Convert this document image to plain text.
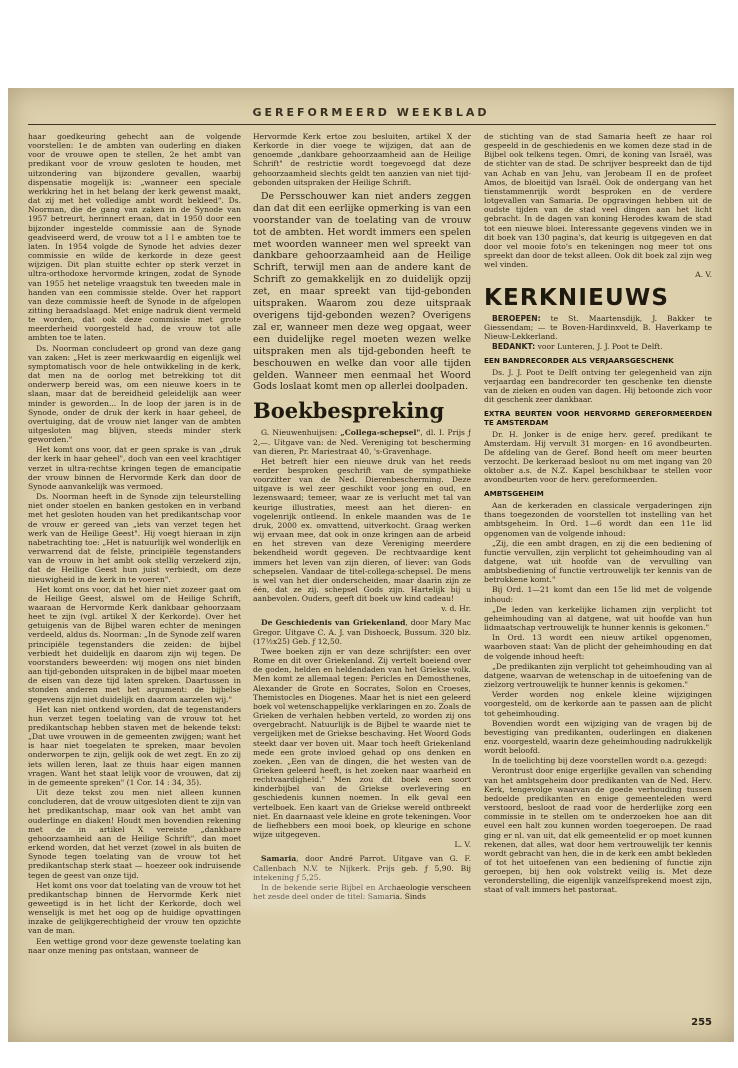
GEREFORMEERD WEEKBLAD

haar goedkeuring gehecht aan de volgende voorstellen: 1e de ambten van ouderling en diaken voor de vrouwe open te stellen, 2e het ambt van predikant voor de vrouw gesloten te houden, met uitzondering van bijzondere gevallen, waarbij dispensatie mogelijk is: „wanneer een speciale werkkring het in het belang der kerk gewenst maakt, dat zij met het volledige ambt wordt bekleed". Ds. Noorman, die de gang van zaken in de Synode van 1957 betreurt, herinnert eraan, dat in 1950 door een bijzonder ingestelde commissie aan de Synode geadviseerd werd, de vrouw tot a l l e ambten toe te laten. In 1954 volgde de Synode het advies dezer commissie en wilde de kerkorde in deze geest wijzigen. Dit plan stuitte echter op sterk verzet in ultra-orthodoxe hervormde kringen, zodat de Synode van 1955 het netelige vraagstuk ten tweeden male in handen van een commissie stelde. Over het rapport van deze commissie heeft de Synode in de afgelopen zitting beraadslaagd. Met enige nadruk dient vermeld te worden, dat ook deze commissie met grote meerderheid voorgesteld had, de vrouw tot alle ambten toe te laten.

Ds. Noorman concludeert op grond van deze gang van zaken: „Het is zeer merkwaardig en eigenlijk wel symptomatisch voor de hele ontwikkeling in de kerk, dat men na de oorlog met betrekking tot dit onderwerp bereid was, om een nieuwe koers in te slaan, maar dat de bereidheid geleidelijk aan weer minder is geworden... In de loop der jaren is in de Synode, onder de druk der kerk in haar geheel, de overtuiging, dat de vrouw niet langer van de ambten uitgesloten mag blijven, steeds minder sterk geworden."

Het komt ons voor, dat er geen sprake is van „druk der kerk in haar geheel", doch van een veel krachtiger verzet in ultra-rechtse kringen tegen de emancipatie der vrouw binnen de Hervormde Kerk dan door de Synode aanvankelijk was vermoed.

Ds. Noorman heeft in de Synode zijn teleurstelling niet onder stoelen en banken gestoken en in verband met het gesloten houden van het predikantschap voor de vrouw er gereed van „iets van verzet tegen het werk van de Heilige Geest". Hij voegt hieraan in zijn nabetrachting toe: „Het is natuurlijk wel wonderlijk en verwarrend dat de felste, principiële tegenstanders van de vrouw in het ambt ook stellig verzekerd zijn, dat de Heilige Geest hun juist verbiedt, om deze nieuwigheid in de kerk in te voeren".

Het komt ons voor, dat het hier niet zozeer gaat om de Heilige Geest, alswel om de Heilige Schrift, waaraan de Hervormde Kerk dankbaar gehoorzaam heet te zijn (vgl. artikel X der Kerkorde). Over het getuigenis van de Bijbel waren echter de meningen verdeeld, aldus ds. Noorman: „In de Synode zelf waren principiële tegenstanders die zeiden: de bijbel verbiedt het duidelijk en daarom zijn wij tegen. De voorstanders beweerden: wij mogen ons niet binden aan tijd-gebonden uitspraken in de bijbel maar moeten de eisen van deze tijd laten spreken. Daartussen in stonden anderen met het argument: de bijbelse gegevens zijn niet duidelijk en daarom aarzelen wij."

Het kan niet ontkend worden, dat de tegenstanders hun verzet tegen toelating van de vrouw tot het predikantschap hebben staven met de bekende tekst: „Dat uwe vrouwen in de gemeenten zwijgen; want het is haar niet toegelaten te spreken, maar bevolen onderworpen te zijn, gelijk ook de wet zegt. En zo zij iets willen leren, laat ze thuis haar eigen mannen vragen. Want het staat lelijk voor de vrouwen, dat zij in de gemeente spreken" (1 Cor. 14 : 34, 35).

Uit deze tekst zou men niet alleen kunnen concluderen, dat de vrouw uitgesloten dient te zijn van het predikantschap, maar ook van het ambt van ouderlinge en diaken! Houdt men bovendien rekening met de in artikel X vereiste „dankbare gehoorzaamheid aan de Heilige Schrift", dan moet erkend worden, dat het verzet (zowel in als buiten de Synode tegen toelating van de vrouw tot het predikantschap sterk staat — hoezeer ook indruisende tegen de geest van onze tijd.

Het komt ons voor dat toelating van de vrouw tot het predikantschap binnen de Hervormde Kerk niet geweetigd is in het licht der Kerkorde, doch wel wenselijk is met het oog op de huidige opvattingen inzake de gelijkgerechtigheid der vrouw ten opzichte van de man.

Een wettige grond voor deze gewenste toelating kan naar onze mening pas ontstaan, wanneer de

Hervormde Kerk ertoe zou besluiten, artikel X der Kerkorde in dier voege te wijzigen, dat aan de genoemde „dankbare gehoorzaamheid aan de Heilige Schrift" de restrictie wordt toegevoegd dat deze gehoorzaamheid slechts geldt ten aanzien van niet tijd-gebonden uitspraken der Heilige Schrift.

De Persschouwer kan niet anders zeggen dan dat dit een eerlijke opmerking is van een voorstander van de toelating van de vrouw tot de ambten. Het wordt immers een spelen met woorden wanneer men wel spreekt van dankbare gehoorzaamheid aan de Heilige Schrift, terwijl men aan de andere kant de Schrift zo gemakkelijk en zo duidelijk opzij zet, en maar spreekt van tijd-gebonden uitspraken. Waarom zou deze uitspraak overigens tijd-gebonden wezen? Overigens zal er, wanneer men deze weg opgaat, weer een duidelijke regel moeten wezen welke uitspraken men als tijd-gebonden heeft te beschouwen en welke dan voor alle tijden gelden. Wanneer men eenmaal het Woord Gods loslaat komt men op allerlei doolpaden.

Boekbespreking

G. Nieuwenhuijsen: „Collega-schepsel", dl. I. Prijs ƒ 2,—. Uitgave van: de Ned. Vereniging tot bescherming van dieren, Pr. Mariestraat 40, 's-Gravenhage.

Het betreft hier een nieuwe druk van het reeds eerder besproken geschrift van de sympathieke voorzitter van de Ned. Dierenbescherming. Deze uitgave is wel zeer geschikt voor jong en oud, en lezenswaard; temeer, waar ze is verlucht met tal van keurige illustraties, meest aan het dieren- en vogelenrijk ontleend. In enkele maanden was de 1e druk, 2000 ex. omvattend, uitverkocht. Graag werken wij ervaan mee, dat ook in onze kringen aan de arbeid en het streven van deze Vereniging meerdere bekendheid wordt gegeven. De rechtvaardige kent immers het leven van zijn dieren, of liever: van Gods schepselen. Vandaar de titel-collega-schepsel. De mens is wel van het dier onderscheiden, maar daarin zijn ze één, dat ze zij. schepsel Gods zijn. Hartelijk bij u aanbevolen. Ouders, geeft dit boek uw kind cadeau!

v. d. Hr.

De Geschiedenis van Griekenland, door Mary Mac Gregor. Uitgave C. A. J. van Dishoeck, Bussum. 320 blz. (17½x25) Geb. ƒ 12,50.

Twee boeken zijn er van deze schrijfster: een over Rome en dit over Griekenland. Zij vertelt boeiend over de goden, helden en heldendaden van het Griekse volk. Men komt ze allemaal tegen: Pericles en Demosthenes, Alexander de Grote en Socrates, Solon en Croeses, Themistocles en Diogenes. Maar het is niet een geleerd boek vol wetenschappelijke verklaringen en zo. Zoals de Grieken de verhalen hebben verteld, zo worden zij ons overgebracht. Natuurlijk is de Bijbel te waarde niet te vergelijken met de Griekse beschaving. Het Woord Gods steekt daar ver boven uit. Maar toch heeft Griekenland mede een grote invloed gehad op ons denken en zoeken. „Een van de dingen, die het westen van de Grieken geleerd heeft, is het zoeken naar waarheid en rechtvaardigheid." Men zou dit boek een soort kinderbijbel van de Griekse overlevering en geschiedenis kunnen noemen. In elk geval een vertelboek. Een kaart van de Griekse wereld ontbreekt niet. En daarnaast vele kleine en grote tekeningen. Voor de liefhebbers een mooi boek, op kleurige en schone wijze uitgegeven.

L. V.

Samaria, door André Parrot. Uitgave van G. F. Callenbach N.V. te Nijkerk. Prijs geb. ƒ 5,90. Bij intekening ƒ 5,25.

In de bekende serie Bijbel en Archaeologie verscheen het zesde deel onder de titel: Samaria. Sinds

de stichting van de stad Samaria heeft ze haar rol gespeeld in de geschiedenis en we komen deze stad in de Bijbel ook telkens tegen. Omri, de koning van Israël, was de stichter van de stad. De schrijver bespreekt dan de tijd van Achab en van Jehu, van Jerobeam II en de profeet Amos, de bloeitijd van Israël. Ook de ondergang van het tienstammenrijk wordt besproken en de verdere lotgevallen van Samaria. De opgravingen hebben uit de oudste tijden van de stad veel dingen aan het licht gebracht. In de dagen van koning Herodes kwam de stad tot een nieuwe bloei. Interessante gegevens vinden we in dit boek van 130 pagina's, dat keurig is uitgegeven en dat door vel mooie foto's en tekeningen nog meer tot ons spreekt dan door de tekst alleen. Ook dit boek zal zijn weg wel vinden.

A. V.

KERKNIEUWS

BEROEPEN: te St. Maartensdijk, J. Bakker te Giessendam; — te Boven-Hardinxveld, B. Haverkamp te Nieuw-Lekkerland.

BEDANKT: voor Lunteren, J. J. Poot te Delft.

EEN BANDRECORDER ALS VERJAARSGESCHENK

Ds. J. J. Poot te Delft ontving ter gelegenheid van zijn verjaardag een bandrecorder ten geschenke ten dienste van de zieken en ouden van dagen. Hij betoonde zich voor dit geschenk zeer dankbaar.

EXTRA BEURTEN VOOR HERVORMD GEREFORMEERDEN TE AMSTERDAM

Dr. H. Jonker is de enige herv. geref. predikant te Amsterdam. Hij vervult 31 morgen- en 16 avondbeurten. De afdeling van de Geref. Bond heeft om meer beurten verzocht. De kerkeraad besloot nu om met ingang van 20 oktober a.s. de N.Z. Kapel beschikbaar te stellen voor avondbeurten voor de herv. gereformeerden.

AMBTSGEHEIM

Aan de kerkeraden en classicale vergaderingen zijn thans toegezonden de voorstellen tot instelling van het ambtsgeheim. In Ord. 1—6 wordt dan een 11e lid opgenomen van de volgende inhoud:

„Zij, die een ambt dragen, en zij die een bediening of functie vervullen, zijn verplicht tot geheimhouding van al datgene, wat uit hoofde van de vervulling van ambtsbediening of functie vertrouwelijk ter kennis van de betrokkene komt."

Bij Ord. 1—21 komt dan een 15e lid met de volgende inhoud:

„De leden van kerkelijke lichamen zijn verplicht tot geheimhouding van al datgene, wat uit hoofde van hun lidmaatschap vertrouwelijk te hunner kennis is gekomen."

In Ord. 13 wordt een nieuw artikel opgenomen, waarboven staat: Van de plicht der geheimhouding en dat de volgende inhoud heeft:

„De predikanten zijn verplicht tot geheimhouding van al datgene, waarvan de wetenschap in de uitoefening van de zielzorg vertrouwelijk te hunner kennis is gekomen."

Verder worden nog enkele kleine wijzigingen voorgesteld, om de kerkorde aan te passen aan de plicht tot geheimhouding.

Bovendien wordt een wijziging van de vragen bij de bevestiging van predikanten, ouderlingen en diakenen enz. voorgesteld, waarin deze geheimhouding nadrukkelijk wordt beloofd.

In de toelichting bij deze voorstellen wordt o.a. gezegd:

Verontrust door enige ergerlijke gevallen van schending van het ambtsgeheim door predikanten van de Ned. Herv. Kerk, tengevolge waarvan de goede verhouding tussen bedoelde predikanten en enige gemeenteleden werd verstoord, besloot de raad voor de herderlijke zorg een commissie in te stellen om te onderzoeken hoe aan dit euvel een halt zou kunnen worden toegeroepen. De raad ging er nl. van uit, dat elk gemeentelid er op moet kunnen rekenen, dat alles, wat door hem vertrouwelijk ter kennis wordt gebracht van hen, die in de kerk een ambt bekleden of tot het uitoefenen van een bediening of functie zijn geroepen, bij hen ook volstrekt veilig is. Met deze veronderstelling, die eigenlijk vanzelfsprekend moest zijn, staat of valt immers het pastoraat.

255
